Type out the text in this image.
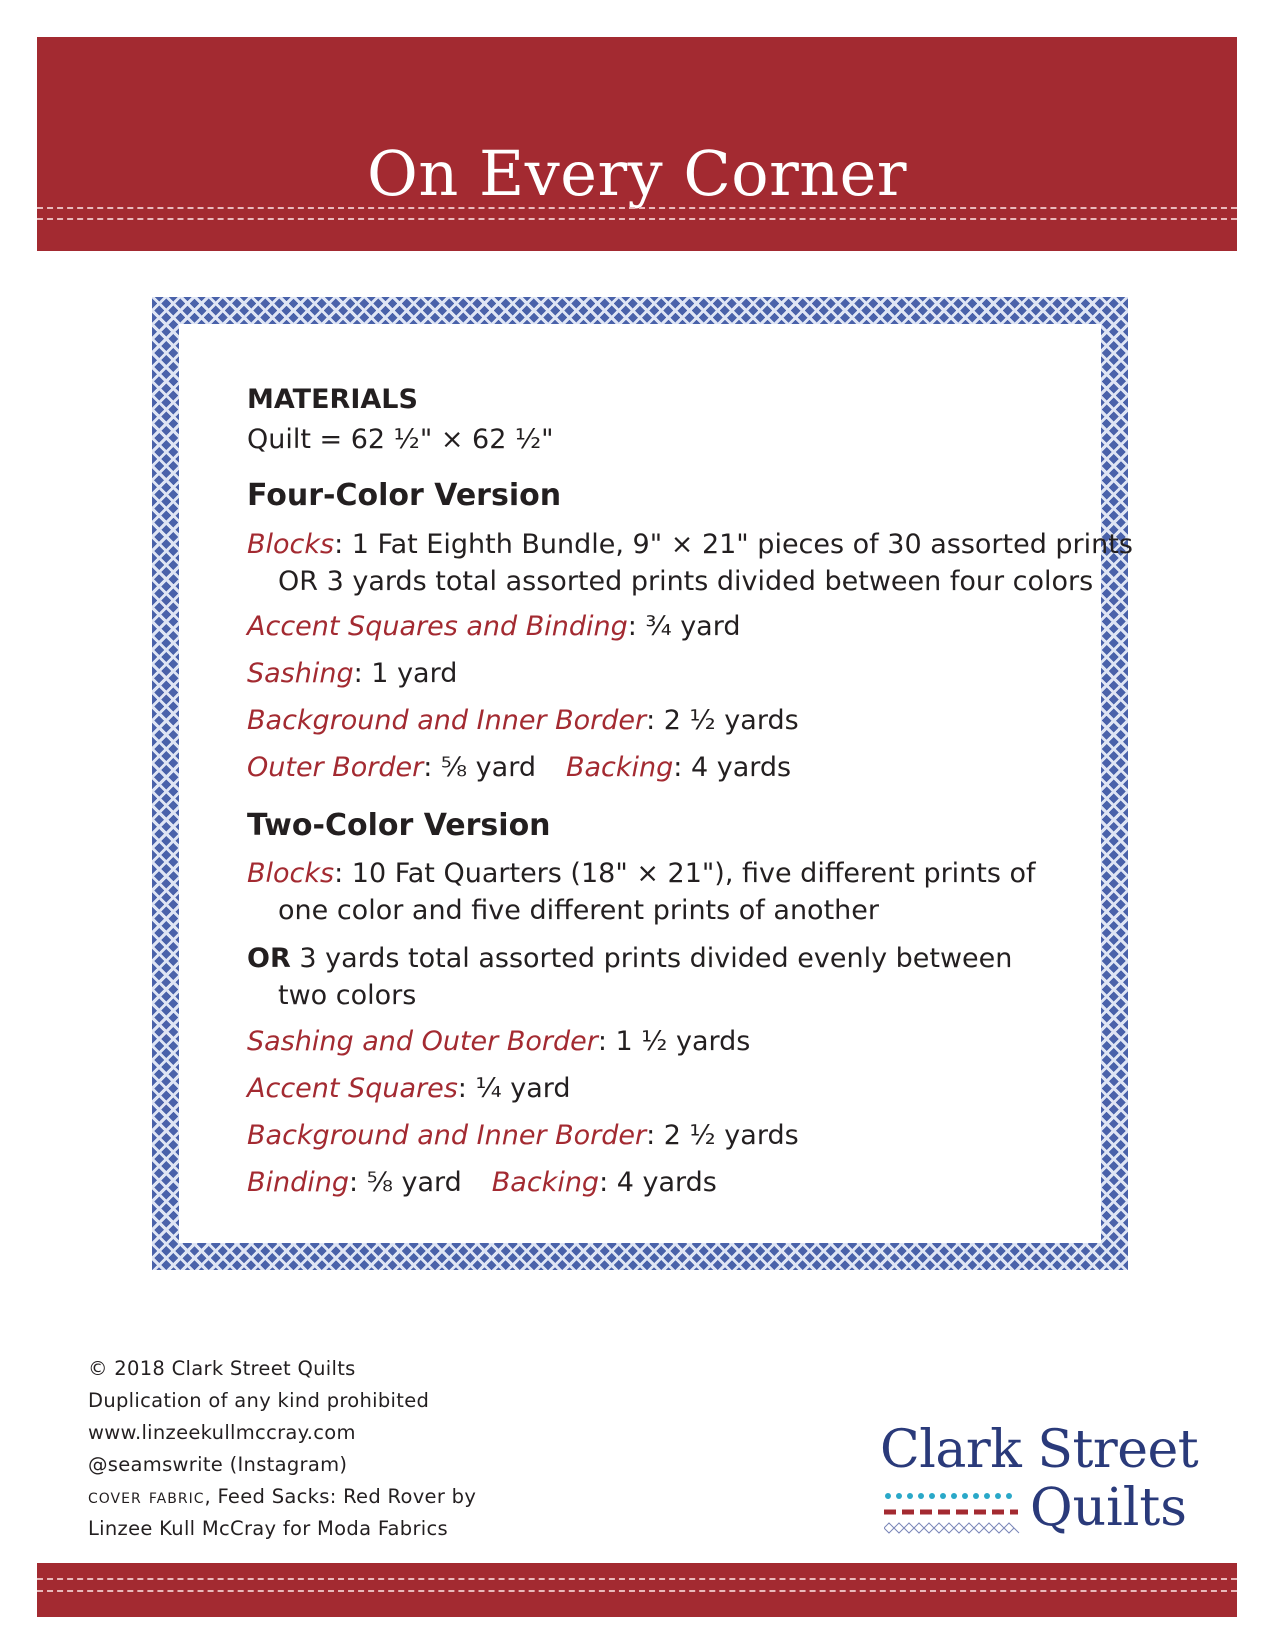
On Every Corner
MATERIALS
Quilt = 62 ½" × 62 ½"
Four-Color Version
Blocks: 1 Fat Eighth Bundle, 9" × 21" pieces of 30 assorted prints
OR 3 yards total assorted prints divided between four colors
Accent Squares and Binding: ¾ yard
Sashing: 1 yard
Background and Inner Border: 2 ½ yards
Outer Border: ⅝ yard Backing: 4 yards
Two-Color Version
Blocks: 10 Fat Quarters (18" × 21"), five different prints of
one color and five different prints of another
OR 3 yards total assorted prints divided evenly between
two colors
Sashing and Outer Border: 1 ½ yards
Accent Squares: ¼ yard
Background and Inner Border: 2 ½ yards
Binding: ⅝ yard Backing: 4 yards
© 2018 Clark Street Quilts
Duplication of any kind prohibited
www.linzeekullmccray.com
@seamswrite (Instagram)
cover fabric, Feed Sacks: Red Rover by
Linzee Kull McCray for Moda Fabrics
Clark Street
Quilts
